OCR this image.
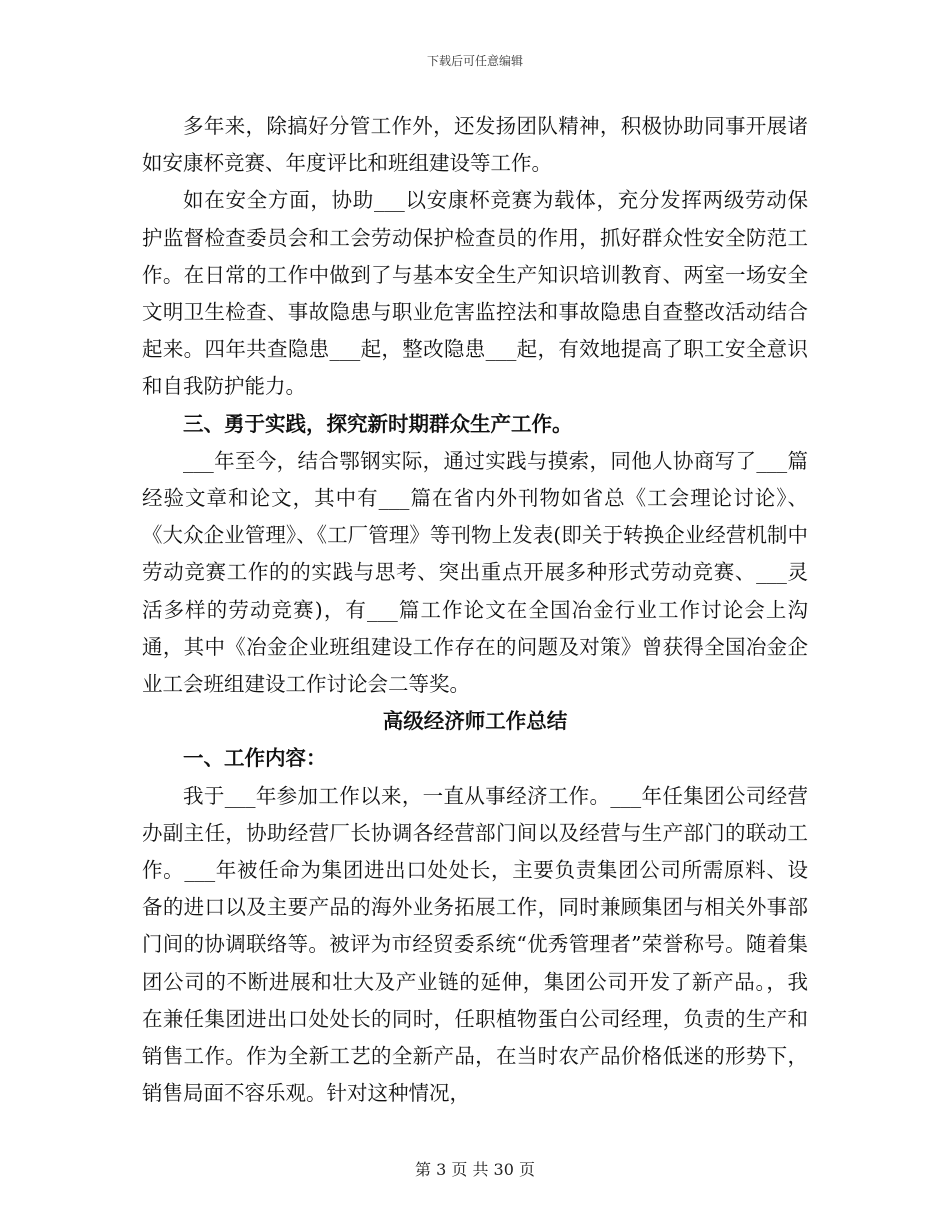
下载后可任意编辑

多年来，除搞好分管工作外，还发扬团队精神，积极协助同事开展诸如安康杯竞赛、年度评比和班组建设等工作。

如在安全方面，协助___以安康杯竞赛为载体，充分发挥两级劳动保护监督检查委员会和工会劳动保护检查员的作用，抓好群众性安全防范工作。在日常的工作中做到了与基本安全生产知识培训教育、两室一场安全文明卫生检查、事故隐患与职业危害监控法和事故隐患自查整改活动结合起来。四年共查隐患___起，整改隐患___起，有效地提高了职工安全意识和自我防护能力。

三、勇于实践，探究新时期群众生产工作。

___年至今，结合鄂钢实际，通过实践与摸索，同他人协商写了___篇经验文章和论文，其中有___篇在省内外刊物如省总《工会理论讨论》、《大众企业管理》、《工厂管理》等刊物上发表(即关于转换企业经营机制中劳动竞赛工作的的实践与思考、突出重点开展多种形式劳动竞赛、___灵活多样的劳动竞赛)，有___篇工作论文在全国冶金行业工作讨论会上沟通，其中《冶金企业班组建设工作存在的问题及对策》曾获得全国冶金企业工会班组建设工作讨论会二等奖。

高级经济师工作总结

一、工作内容：

我于___年参加工作以来，一直从事经济工作。___年任集团公司经营办副主任，协助经营厂长协调各经营部门间以及经营与生产部门的联动工作。___年被任命为集团进出口处处长，主要负责集团公司所需原料、设备的进口以及主要产品的海外业务拓展工作，同时兼顾集团与相关外事部门间的协调联络等。被评为市经贸委系统“优秀管理者”荣誉称号。随着集团公司的不断进展和壮大及产业链的延伸，集团公司开发了新产品。，我在兼任集团进出口处处长的同时，任职植物蛋白公司经理，负责的生产和销售工作。作为全新工艺的全新产品，在当时农产品价格低迷的形势下，销售局面不容乐观。针对这种情况，

第 3 页 共 30 页
